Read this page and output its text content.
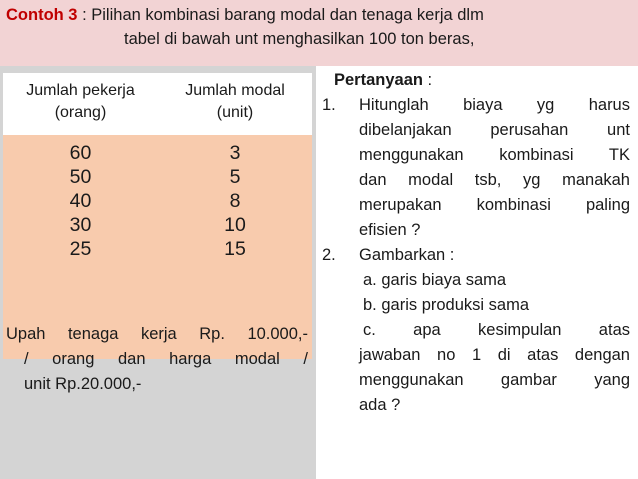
Contoh 3 : Pilihan kombinasi barang modal dan tenaga kerja dlm
tabel di bawah unt menghasilkan 100 ton beras,
Jumlah pekerja
(orang)
Jumlah modal
(unit)
60
50
40
30
25
3
5
8
10
15
Upah tenaga kerja Rp. 10.000,-
/ orang dan harga modal /
unit Rp.20.000,-
Pertanyaan :
1. Hitunglah biaya yg harus
dibelanjakan perusahan unt
menggunakan kombinasi TK
dan modal tsb, yg manakah
merupakan kombinasi paling
efisien ?
2. Gambarkan :
a. garis biaya sama
b. garis produksi sama
c. apa kesimpulan atas
jawaban no 1 di atas dengan
menggunakan gambar yang
ada ?
